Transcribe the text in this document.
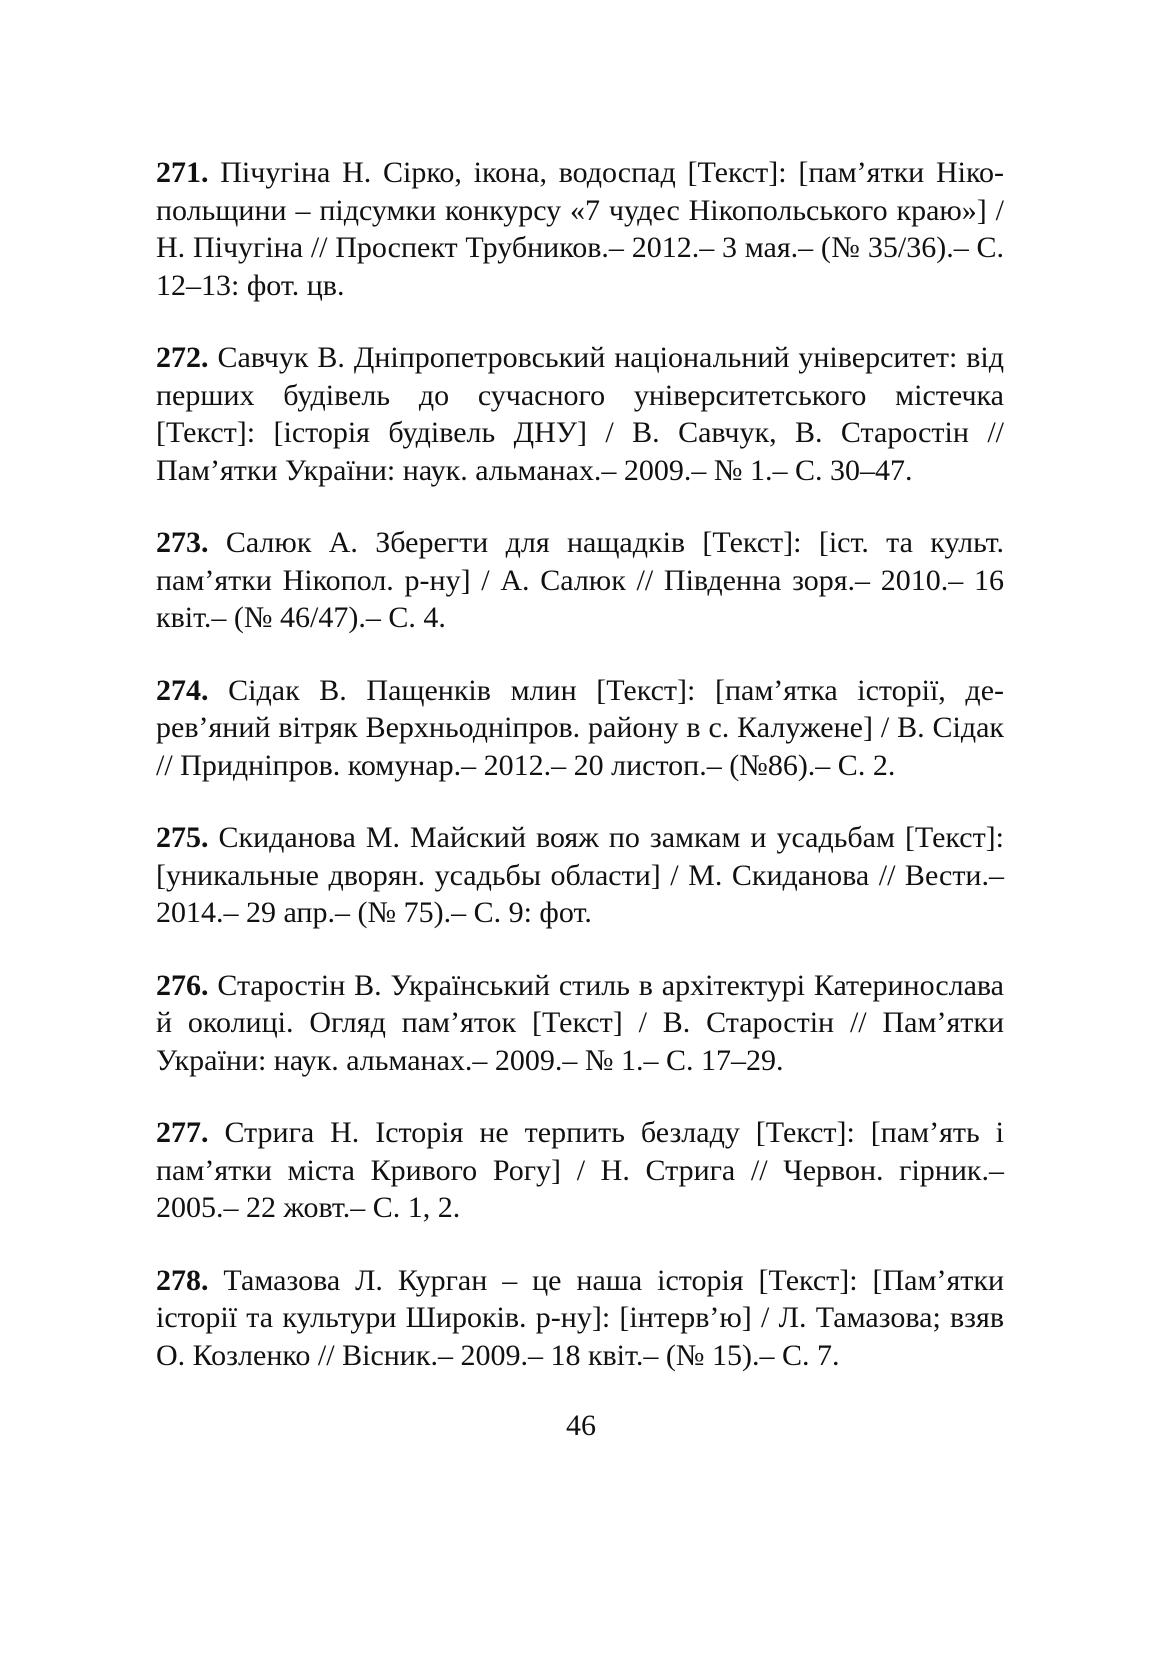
271. Пічугіна Н. Сірко, ікона, водоспад [Текст]: [пам’ятки Нікопольщини – підсумки конкурсу «7 чудес Нікопольського краю»] / Н. Пічугіна // Проспект Трубников.– 2012.– 3 мая.– (№ 35/36).– С. 12–13: фот. цв.

272. Савчук В. Дніпропетровський національний університет: від перших будівель до сучасного університетського містечка [Текст]: [історія будівель ДНУ] / В. Савчук, В. Старостін // Пам’ятки України: наук. альманах.– 2009.– № 1.– С. 30–47.

273. Салюк А. Зберегти для нащадків [Текст]: [іст. та культ. пам’ятки Нікопол. р-ну] / А. Салюк // Південна зоря.– 2010.– 16 квіт.– (№ 46/47).– С. 4.

274. Сідак В. Пащенків млин [Текст]: [пам’ятка історії, дерев’яний вітряк Верхньодніпров. району в с. Калужене] / В. Сідак // Придніпров. комунар.– 2012.– 20 листоп.– (№86).– С. 2.

275. Скиданова М. Майский вояж по замкам и усадьбам [Текст]: [уникальные дворян. усадьбы области] / М. Скиданова // Вести.– 2014.– 29 апр.– (№ 75).– С. 9: фот.

276. Старостін В. Український стиль в архітектурі Катеринослава й околиці. Огляд пам’яток [Текст] / В. Старостін // Пам’ятки України: наук. альманах.– 2009.– № 1.– С. 17–29.

277. Стрига Н. Історія не терпить безладу [Текст]: [пам’ять і пам’ятки міста Кривого Рогу] / Н. Стрига // Червон. гірник.– 2005.– 22 жовт.– С. 1, 2.

278. Тамазова Л. Курган – це наша історія [Текст]: [Пам’ятки історії та культури Широків. р-ну]: [інтерв’ю] / Л. Тамазова; взяв О. Козленко // Вісник.– 2009.– 18 квіт.– (№ 15).– С. 7.

46
